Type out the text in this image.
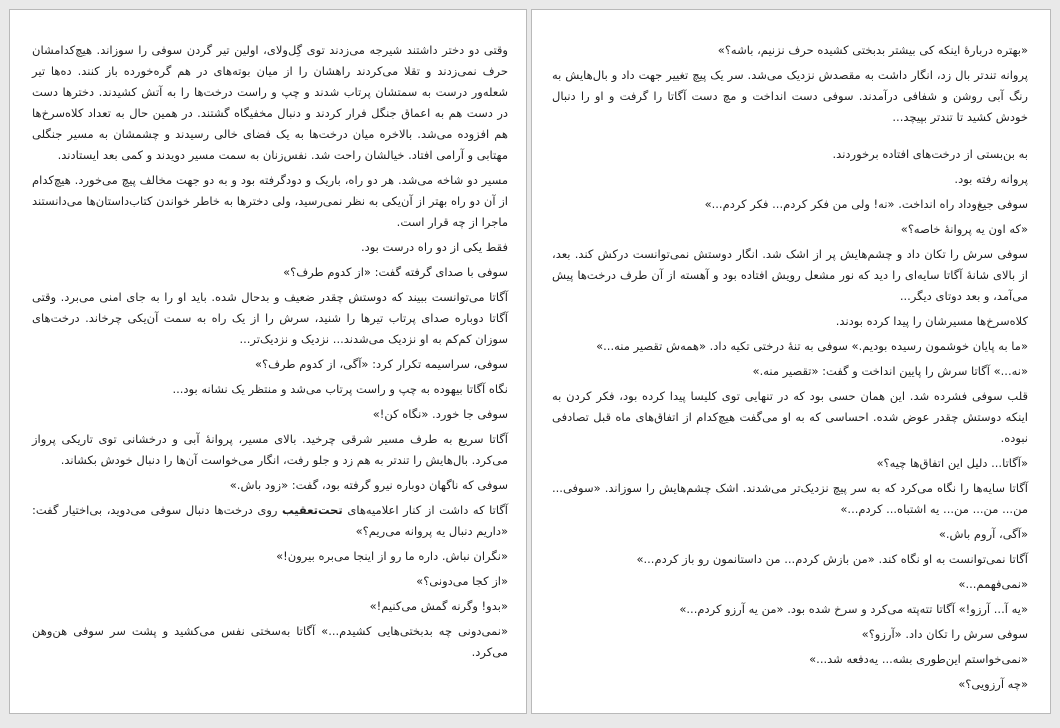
وقتی دو دختر داشتند شیرجه می‌زدند توی گِل‌ولای، اولین تیر گردن سوفی را سوزاند. هیچ‌کدامشان حرف نمی‌زدند و تقلا می‌کردند راهشان را از میان بوته‌های در هم گره‌خورده باز کنند. ده‌ها تیر شعله‌ور درست به سمتشان پرتاب شدند و چپ و راست درخت‌ها را به آتش کشیدند. دخترها دست در دست هم به اعماق جنگل فرار کردند و دنبال مخفیگاه گشتند. در همین حال به تعداد کلاه‌سرخ‌ها هم افزوده می‌شد. بالاخره میان درخت‌ها به یک فضای خالی رسیدند و چشمشان به مسیر جنگلی مهتابی و آرامی افتاد. خیالشان راحت شد. نفس‌زنان به سمت مسیر دویدند و کمی بعد ایستادند.

مسیر دو شاخه می‌شد. هر دو راه، باریک و دودگرفته بود و به دو جهت مخالف پیچ می‌خورد. هیچ‌کدام از آن دو راه بهتر از آن‌یکی به نظر نمی‌رسید، ولی دخترها به خاطر خواندن کتاب‌داستان‌ها می‌دانستند ماجرا از چه قرار است.

فقط یکی از دو راه درست بود.

سوفی با صدای گرفته گفت: «از کدوم طرف؟»

آگاتا می‌توانست ببیند که دوستش چقدر ضعیف و بدحال شده. باید او را به جای امنی می‌برد. وقتی آگاتا دوباره صدای پرتاب تیرها را شنید، سرش را از یک راه به سمت آن‌یکی چرخاند. درخت‌های سوزان کم‌کم به او نزدیک می‌شدند... نزدیک و نزدیک‌تر...

سوفی، سراسیمه تکرار کرد: «آگی، از کدوم طرف؟»

نگاه آگاتا بیهوده به چپ و راست پرتاب می‌شد و منتظر یک نشانه بود...

سوفی جا خورد. «نگاه کن!»

آگاتا سریع به طرف مسیر شرقی چرخید. بالای مسیر، پروانهٔ آبی و درخشانی توی تاریکی پرواز می‌کرد. بال‌هایش را تندتر به هم زد و جلو رفت، انگار می‌خواست آن‌ها را دنبال خودش بکشاند.

سوفی که ناگهان دوباره نیرو گرفته بود، گفت: «زود باش.»

آگاتا که داشت از کنار اعلامیه‌های تحت‌تعقیب روی درخت‌ها دنبال سوفی می‌دوید، بی‌اختیار گفت: «داریم دنبال یه پروانه می‌ریم؟»

«نگران نباش. داره ما رو از اینجا می‌بره بیرون!»

«از کجا می‌دونی؟»

«بدو! وگرنه گمش می‌کنیم!»

«نمی‌دونی چه بدبختی‌هایی کشیدم...» آگاتا به‌سختی نفس می‌کشید و پشت سر سوفی هن‌وهن می‌کرد.

«بهتره دربارهٔ اینکه کی بیشتر بدبختی کشیده حرف نزنیم، باشه؟»

پروانه تندتر بال زد، انگار داشت به مقصدش نزدیک می‌شد. سر یک پیچ تغییر جهت داد و بال‌هایش به رنگ آبی روشن و شفافی درآمدند. سوفی دست انداخت و مچ دست آگاتا را گرفت و او را دنبال خودش کشید تا تندتر بپیچد...

به بن‌بستی از درخت‌های افتاده برخوردند.

پروانه رفته بود.

سوفی جیغ‌وداد راه انداخت. «نه! ولی من فکر کردم... فکر کردم...»

«که اون یه پروانهٔ خاصه؟»

سوفی سرش را تکان داد و چشم‌هایش پر از اشک شد. انگار دوستش نمی‌توانست درکش کند. بعد، از بالای شانهٔ آگاتا سایه‌ای را دید که نور مشعل رویش افتاده بود و آهسته از آن طرف درخت‌ها پیش می‌آمد، و بعد دوتای دیگر...

کلاه‌سرخ‌ها مسیرشان را پیدا کرده بودند.

«ما به پایان خوشمون رسیده بودیم.» سوفی به تنهٔ درختی تکیه داد. «همه‌ش تقصیر منه...»

«نه...» آگاتا سرش را پایین انداخت و گفت: «تقصیر منه.»

قلب سوفی فشرده شد. این همان حسی بود که در تنهایی توی کلیسا پیدا کرده بود، فکر کردن به اینکه دوستش چقدر عوض شده. احساسی که به او می‌گفت هیچ‌کدام از اتفاق‌های ماه قبل تصادفی نبوده.

«آگاتا... دلیل این اتفاق‌ها چیه؟»

آگاتا سایه‌ها را نگاه می‌کرد که به سر پیچ نزدیک‌تر می‌شدند. اشک چشم‌هایش را سوزاند. «سوفی... من... من... من... یه اشتباه... کردم...»

«آگی، آروم باش.»

آگاتا نمی‌توانست به او نگاه کند. «من بازش کردم... من داستانمون رو باز کردم...»

«نمی‌فهمم...»

«یه آ... آرزو!» آگاتا تته‌پته می‌کرد و سرخ شده بود. «من یه آرزو کردم...»

سوفی سرش را تکان داد. «آرزو؟»

«نمی‌خواستم این‌طوری بشه... یه‌دفعه شد...»

«چه آرزویی؟»
